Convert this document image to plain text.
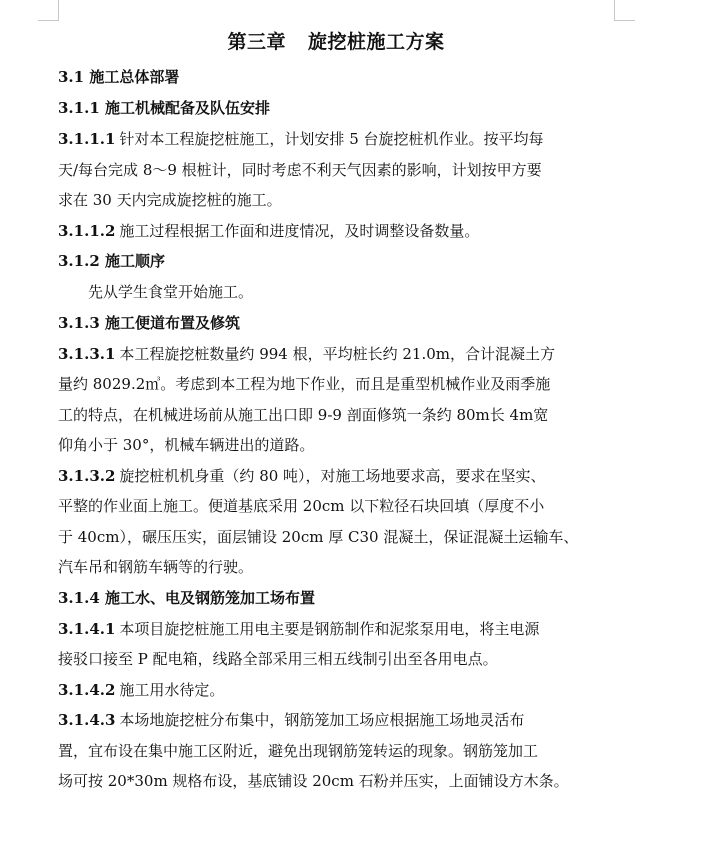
第三章 旋挖桩施工方案
3.1 施工总体部署
3.1.1 施工机械配备及队伍安排
3.1.1.1 针对本工程旋挖桩施工，计划安排 5 台旋挖桩机作业。按平均每
天/每台完成 8～9 根桩计，同时考虑不利天气因素的影响，计划按甲方要
求在 30 天内完成旋挖桩的施工。
3.1.1.2 施工过程根据工作面和进度情况，及时调整设备数量。
3.1.2 施工顺序
先从学生食堂开始施工。
3.1.3 施工便道布置及修筑
3.1.3.1 本工程旋挖桩数量约 994 根，平均桩长约 21.0m，合计混凝土方
量约 8029.2㎥。考虑到本工程为地下作业，而且是重型机械作业及雨季施
工的特点，在机械进场前从施工出口即 9-9 剖面修筑一条约 80m长 4m宽
仰角小于 30°，机械车辆进出的道路。
3.1.3.2 旋挖桩机机身重（约 80 吨），对施工场地要求高，要求在坚实、
平整的作业面上施工。便道基底采用 20cm 以下粒径石块回填（厚度不小
于 40cm），碾压压实，面层铺设 20cm 厚 C30 混凝土，保证混凝土运输车、
汽车吊和钢筋车辆等的行驶。
3.1.4 施工水、电及钢筋笼加工场布置
3.1.4.1 本项目旋挖桩施工用电主要是钢筋制作和泥浆泵用电，将主电源
接驳口接至 P 配电箱，线路全部采用三相五线制引出至各用电点。
3.1.4.2 施工用水待定。
3.1.4.3 本场地旋挖桩分布集中，钢筋笼加工场应根据施工场地灵活布
置，宜布设在集中施工区附近，避免出现钢筋笼转运的现象。钢筋笼加工
场可按 20*30m 规格布设，基底铺设 20cm 石粉并压实，上面铺设方木条。
